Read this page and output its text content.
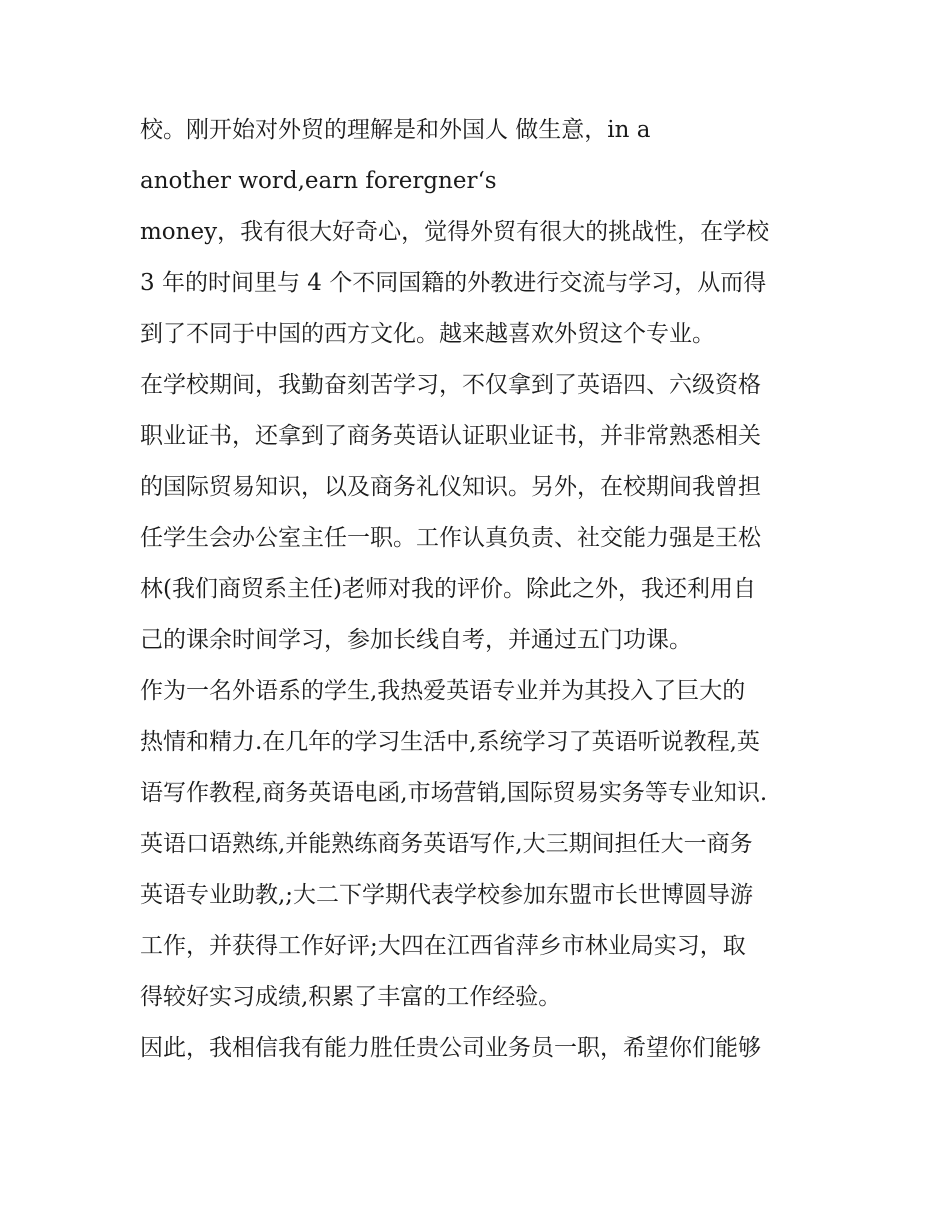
校。刚开始对外贸的理解是和外国人 做生意，in a
another word,earn forergner‘s
money，我有很大好奇心，觉得外贸有很大的挑战性，在学校
3 年的时间里与 4 个不同国籍的外教进行交流与学习，从而得
到了不同于中国的西方文化。越来越喜欢外贸这个专业。
在学校期间，我勤奋刻苦学习，不仅拿到了英语四、六级资格
职业证书，还拿到了商务英语认证职业证书，并非常熟悉相关
的国际贸易知识，以及商务礼仪知识。另外，在校期间我曾担
任学生会办公室主任一职。工作认真负责、社交能力强是王松
林(我们商贸系主任)老师对我的评价。除此之外，我还利用自
己的课余时间学习，参加长线自考，并通过五门功课。
作为一名外语系的学生,我热爱英语专业并为其投入了巨大的
热情和精力.在几年的学习生活中,系统学习了英语听说教程,英
语写作教程,商务英语电函,市场营销,国际贸易实务等专业知识.
英语口语熟练,并能熟练商务英语写作,大三期间担任大一商务
英语专业助教,;大二下学期代表学校参加东盟市长世博圆导游
工作，并获得工作好评;大四在江西省萍乡市林业局实习，取
得较好实习成绩,积累了丰富的工作经验。
因此，我相信我有能力胜任贵公司业务员一职，希望你们能够
